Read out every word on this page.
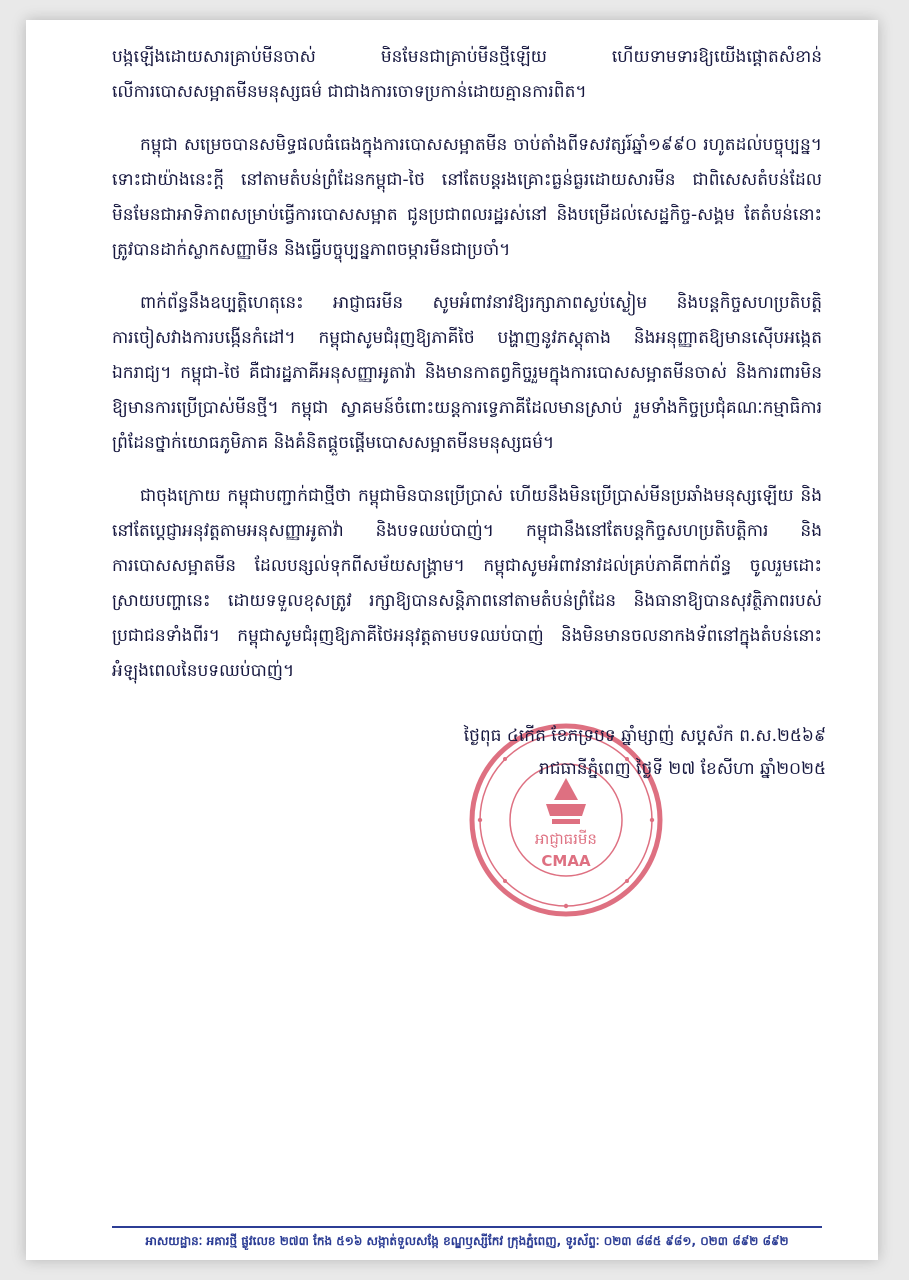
បង្កឡើងដោយសារគ្រាប់មីនចាស់ មិនមែនជាគ្រាប់មីនថ្មីឡើយ ហើយទាមទារឱ្យយើងផ្តោតសំខាន់លើការបោសសម្អាតមីនមនុស្សធម៌ ជាជាងការចោទប្រកាន់ដោយគ្មានការពិត។

កម្ពុជា សម្រេចបានសមិទ្ធផលធំធេងក្នុងការបោសសម្អាតមីន ចាប់តាំងពីទសវត្សរ៍ឆ្នាំ១៩៩០ រហូតដល់បច្ចុប្បន្ន។ ទោះជាយ៉ាងនេះក្តី នៅតាមតំបន់ព្រំដែនកម្ពុជា-ថៃ នៅតែបន្តរងគ្រោះធ្ងន់ធ្ងរដោយសារមីន ជាពិសេសតំបន់ដែលមិនមែនជាអាទិភាពសម្រាប់ធ្វើការបោសសម្អាត ជូនប្រជាពលរដ្ឋរស់នៅ និងបម្រើដល់សេដ្ឋកិច្ច-សង្គម តែតំបន់នោះត្រូវបានដាក់ស្លាកសញ្ញាមីន និងធ្វើបច្ចុប្បន្នភាពចម្ការមីនជាប្រចាំ។

ពាក់ព័ន្ធនឹងឧប្បត្តិហេតុនេះ អាជ្ញាធរមីន សូមអំពាវនាវឱ្យរក្សាភាពស្ងប់ស្ងៀម និងបន្តកិច្ចសហប្រតិបត្តិការចៀសវាងការបង្កើនកំដៅ។ កម្ពុជាសូមជំរុញឱ្យភាគីថៃ បង្ហាញនូវភស្តុតាង និងអនុញ្ញាតឱ្យមានស៊ើបអង្កេតឯករាជ្យ។ កម្ពុជា-ថៃ គឺជារដ្ឋភាគីអនុសញ្ញាអូតាវ៉ា និងមានកាតព្វកិច្ចរួមក្នុងការបោសសម្អាតមីនចាស់ និងការពារមិនឱ្យមានការប្រើប្រាស់មីនថ្មី។ កម្ពុជា ស្វាគមន៍ចំពោះយន្តការទ្វេភាគីដែលមានស្រាប់ រួមទាំងកិច្ចប្រជុំគណៈកម្មាធិការព្រំដែនថ្នាក់យោធភូមិភាគ និងគំនិតផ្តួចផ្តើមបោសសម្អាតមីនមនុស្សធម៌។

ជាចុងក្រោយ កម្ពុជាបញ្ជាក់ជាថ្មីថា កម្ពុជាមិនបានប្រើប្រាស់ ហើយនឹងមិនប្រើប្រាស់មីនប្រឆាំងមនុស្សឡើយ និងនៅតែប្តេជ្ញាអនុវត្តតាមអនុសញ្ញាអូតាវ៉ា និងបទឈប់បាញ់។ កម្ពុជានឹងនៅតែបន្តកិច្ចសហប្រតិបត្តិការ និងការបោសសម្អាតមីន ដែលបន្សល់ទុកពីសម័យសង្គ្រាម។ កម្ពុជាសូមអំពាវនាវដល់គ្រប់ភាគីពាក់ព័ន្ធ ចូលរួមដោះស្រាយបញ្ហានេះ ដោយទទួលខុសត្រូវ រក្សាឱ្យបានសន្តិភាពនៅតាមតំបន់ព្រំដែន និងធានាឱ្យបានសុវត្ថិភាពរបស់ប្រជាជនទាំងពីរ។ កម្ពុជាសូមជំរុញឱ្យភាគីថៃអនុវត្តតាមបទឈប់បាញ់ និងមិនមានចលនាកងទ័ពនៅក្នុងតំបន់នោះ អំឡុងពេលនៃបទឈប់បាញ់។

អាជ្ញាធរមីន
CMAA
ថ្ងៃពុធ ៤កើត ខែភទ្របទ ឆ្នាំម្សាញ់ សប្តស័ក ព.ស.២៥៦៩
រាជធានីភ្នំពេញ ថ្ងៃទី ២៧ ខែសីហា ឆ្នាំ២០២៥
អាសយដ្ឋានៈ អគារថ្មី ផ្លូវលេខ ២៧៣ កែង ៥១៦ សង្កាត់ទួលសង្កែ ខណ្ឌឫស្សីកែវ ក្រុងភ្នំពេញ, ទូរស័ព្ទៈ ០២៣ ៨៨៥ ៩៨១, ០២៣ ៨៩២ ៨៩២
